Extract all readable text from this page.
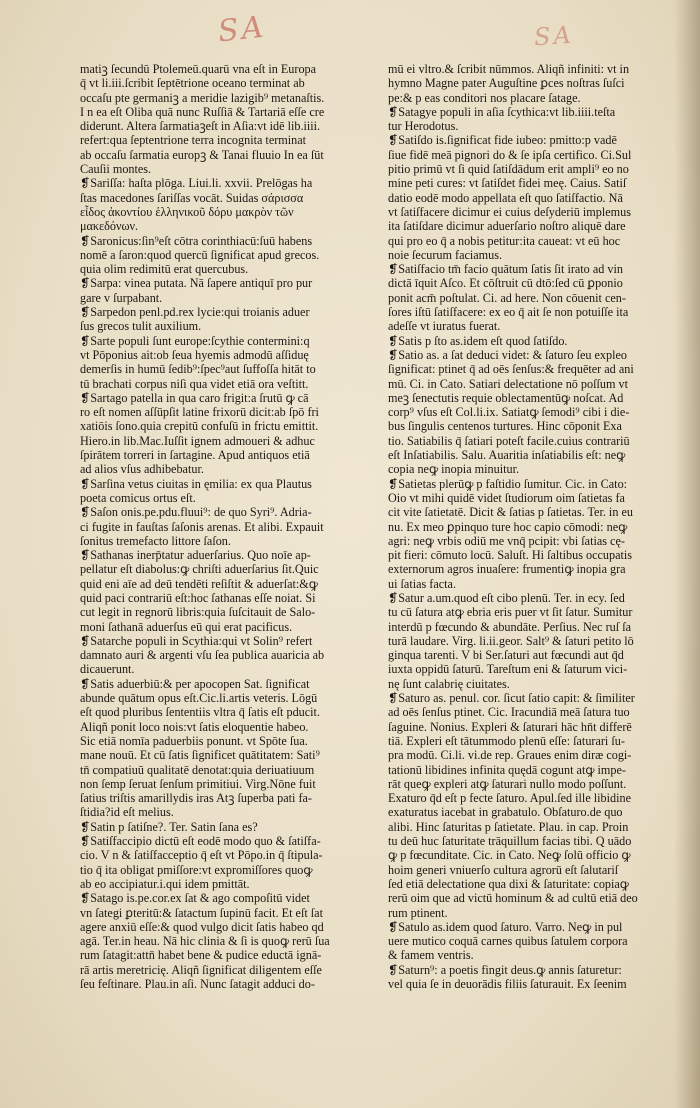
SA	SA
matiꝫ ſecundū Ptolemeū.quarū vna eſt in Europa
q̄ vt li.iii.ſcribit ſeptētrione oceano terminat ab
occaſu pte germaniꝫ a meridie lazigib⁹ metanaſtis.
I n ea eſt Oliba quā nunc Ruſſiā & Tartariā eſſe cre
diderunt. Altera ſarmatiaꝫeſt in Aſia:vt idē lib.iiii.
refert:qua ſeptentrione terra incognita terminat
ab occaſu ſarmatia europꝫ & Tanai fluuio In ea ſūt
Cauſii montes.
❡Sariſſa: haſta plōga. Liui.li. xxvii. Prelōgas ha
ſtas macedones ſariſſas vocāt. Suidas σάρισσα
εἶδος ἀκοντίου ἑλληνικοῦ δόρυ μακρὸν τῶν
μακεδόνων.
❡Saronicus:ſin⁹eſt cōtra corinthiacū:ſuū habens
nomē a ſaron:quod quercū ſignificat apud grecos.
quia olim redimitū erat quercubus.
❡Sarpa: vinea putata. Nā ſapere antiquī pro pur
gare v ſurpabant.
❡Sarpedon penl.pd.rex lycie:qui troianis aduer
ſus grecos tulit auxilium.
❡Sarte populi ſunt europe:ſcythie contermini:q
vt Pōponius ait:ob ſeua hyemis admodū aſſiduę
demerſis in humū ſedib⁹:ſpec⁹aut ſuffoſſa hitāt to
tū brachati corpus niſi qua videt etiā ora veſtitt.
❡Sartago patella in qua caro frigit:a ſrutū ꝙ cā
ro eſt nomen aſſūpſit latine frixorū dicit:ab ſpō fri
xatiōis ſono.quia crepitū confuſū in frictu emittit.
Hiero.in lib.Mac.Iuſſit ignem admoueri & adhuc
ſpirātem torreri in ſartagine. Apud antiquos etiā
ad alios vſus adhibebatur.
❡Sarſina vetus ciuitas in ęmilia: ex qua Plautus
poeta comicus ortus eſt.
❡Saſon onis.pe.pdu.fluui⁹: de quo Syri⁹. Adria-
ci fugite in fauſtas ſaſonis arenas. Et alibi. Expauit
ſonitus tremefacto littore ſaſon.
❡Sathanas inerp̄tatur aduerſarius. Quo noīe ap-
pellatur eſt diabolus:ꝙ chriſti aduerſarius ſit.Quic
quid eni aīe ad deū tendēti reſiſtit & aduerſat:&ꝙ
quid paci contrariū eſt:hoc ſathanas eſſe noiat. Si
cut legit in regnorū libris:quia ſuſcitauit de Salo-
moni ſathanā aduerſus eū qui erat pacificus.
❡Satarche populi in Scythia:qui vt Solin⁹ refert
damnato auri & argenti vſu ſea publica auaricia ab
dicauerunt.
❡Satis aduerbiū:& per apocopen Sat. ſignificat
abunde quātum opus eſt.Cic.li.artis veteris. Lōgū
eſt quod pluribus ſententiis vltra q̄ ſatis eſt pducit.
Aliqñ ponit loco nois:vt ſatis eloquentie habeo.
Sic etiā nomīa paduerbiis ponunt. vt Spōte ſua.
mane nouū. Et cū ſatis ſignificet quātitatem: Sati⁹
tn̄ compatiuū qualitatē denotat:quia deriuatiuum
non ſemp ſeruat ſenſum primitiui. Virg.Nōne fuit
ſatius triſtis amarillydis iras Atꝫ ſuperba pati fa-
ſtidia?id eſt melius.
❡Satin p ſatiſne?. Ter. Satin ſana es?
❡Satiſfaccipio dictū eſt eodē modo quo & ſatiſfa-
cio. V n & ſatiſfacceptio q̄ eſt vt Pōpo.in q̄ ſtipula-
tio q̄ ita obligat pmiſſore:vt expromiſſores quoꝙ
ab eo accipiatur.i.qui idem pmittāt.
❡Satago is.pe.cor.ex ſat & ago compoſitū videt
vn ſategi ꝑteritū:& ſatactum ſupinū facit. Et eſt ſat
agere anxiū eſſe:& quod vulgo dicit ſatis habeo qd
agā. Ter.in heau. Nā hic clinia & ſi is quoꝙ rerū ſua
rum ſatagit:attn̄ habet bene & pudice eductā ignā-
rā artis meretricię. Aliqñ ſignificat diligentem eſſe
ſeu feſtinare. Plau.in aſi. Nunc ſatagit adduci do-
mū ei vltro.& ſcribit nūmmos. Aliqñ infiniti: vt in
hymno Magne pater Auguſtine ꝑces noſtras ſuſci
pe:& p eas conditori nos placare ſatage.
❡Satagye populi in aſia ſcythica:vt lib.iiii.teſta
tur Herodotus.
❡Satiſdo is.ſignificat fide iubeo: pmitto:p vadē
ſiue fidē meā pignori do & ſe ipſa certifico. Ci.Sul
pitio primū vt ſi quid ſatiſdādum erit ampli⁹ eo no
mine peti cures: vt ſatiſdet fidei meę. Caius. Satiſ
datio eodē modo appellata eſt quo ſatiſfactio. Nā
vt ſatiſfacere dicimur ei cuius deſyderiū implemus
ita ſatiſdare dicimur aduerſario noſtro aliquē dare
qui pro eo q̄ a nobis petitur:ita caueat: vt eū hoc
noie ſecurum faciamus.
❡Satiſfacio tm̄ facio quātum ſatis ſit irato ad vin
dictā īquit Aſco. Et cōſtruit cū dtō:ſed cū ꝑponio
ponit acm̄ poſtulat. Ci. ad here. Non cōuenit cen-
ſores iſtū ſatiſfacere: ex eo q̄ ait ſe non potuiſſe ita
adeſſe vt iuratus fuerat.
❡Satis p ſto as.idem eſt quod ſatiſdo.
❡Satio as. a ſat deduci videt: & ſaturo ſeu expleo
ſignificat: ptinet q̄ ad oēs ſenſus:& frequēter ad ani
mū. Ci. in Cato. Satiari delectatione nō poſſum vt
meꝫ ſenectutis requie oblectamentūꝙ noſcat. Ad
corp⁹ vſus eſt Col.li.ix. Satiatꝙ ſemodi⁹ cibi i die-
bus ſingulis centenos turtures. Hinc cōponit Exa
tio. Satiabilis q̄ ſatiari poteſt facile.cuius contrariū
eſt Inſatiabilis. Salu. Auaritia inſatiabilis eſt: neꝙ
copia neꝙ inopia minuitur.
❡Satietas plerūꝙ p faſtidio ſumitur. Cic. in Cato:
Oio vt mihi quidē videt ſtudiorum oim ſatietas fa
cit vite ſatietatē. Dicit & ſatias p ſatietas. Ter. in eu
nu. Ex meo ꝑpinquo ture hoc capio cōmodi: neꝙ
agri: neꝙ vrbis odiū me vnq̄ pcipit: vbi ſatias cę-
pit fieri: cōmuto locū. Saluſt. Hi ſaltibus occupatis
externorum agros inuaſere: frumentiꝙ inopia gra
ui ſatias facta.
❡Satur a.um.quod eſt cibo plenū. Ter. in ecy. ſed
tu cū ſatura atꝙ ebria eris puer vt ſit ſatur. Sumitur
interdū p fœcundo & abundāte. Perſius. Nec ruſ ſa
turā laudare. Virg. li.ii.geor. Salt⁹ & ſaturi petito lō
ginqua tarenti. V bi Ser.ſaturi aut fœcundi aut q̄d
iuxta oppidū ſaturū. Tareſtum eni & ſaturum vici-
nę ſunt calabrię ciuitates.
❡Saturo as. penul. cor. ſicut ſatio capit: & ſimiliter
ad oēs ſenſus ptinet. Cic. Iracundiā meā ſatura tuo
ſaguine. Nonius. Expleri & ſaturari hāc hn̄t differē
tiā. Expleri eſt tātummodo plenū eſſe: ſaturari ſu-
pra modū. Ci.li. vi.de rep. Graues enim diræ cogi-
tationū libidines infinita quędā cogunt atꝙ impe-
rāt queꝙ expleri atꝙ ſaturari nullo modo poſſunt.
Exaturo q̄d eſt p fecte ſaturo. Apul.ſed ille libidine
exaturatus iacebat in grabatulo. Obſaturo.de quo
alibi. Hinc ſaturitas p ſatietate. Plau. in cap. Proin
tu deū huc ſaturitate trāquillum facias tibi. Q uādo
ꝙ p fœcunditate. Cic. in Cato. Neꝙ ſolū officio ꝙ
hoim generi vniuerſo cultura agrorū eſt ſalutariſ
ſed etiā delectatione qua dixi & ſaturitate: copiaꝙ
rerū oim que ad victū hominum & ad cultū etiā deo
rum ptinent.
❡Satulo as.idem quod ſaturo. Varro. Neꝙ in pul
uere mutico coquā carnes quibus ſatulem corpora
& famem ventris.
❡Saturn⁹: a poetis fingit deus.ꝙ annis ſaturetur:
vel quia ſe in deuorādis filiis ſaturauit. Ex ſeenim
